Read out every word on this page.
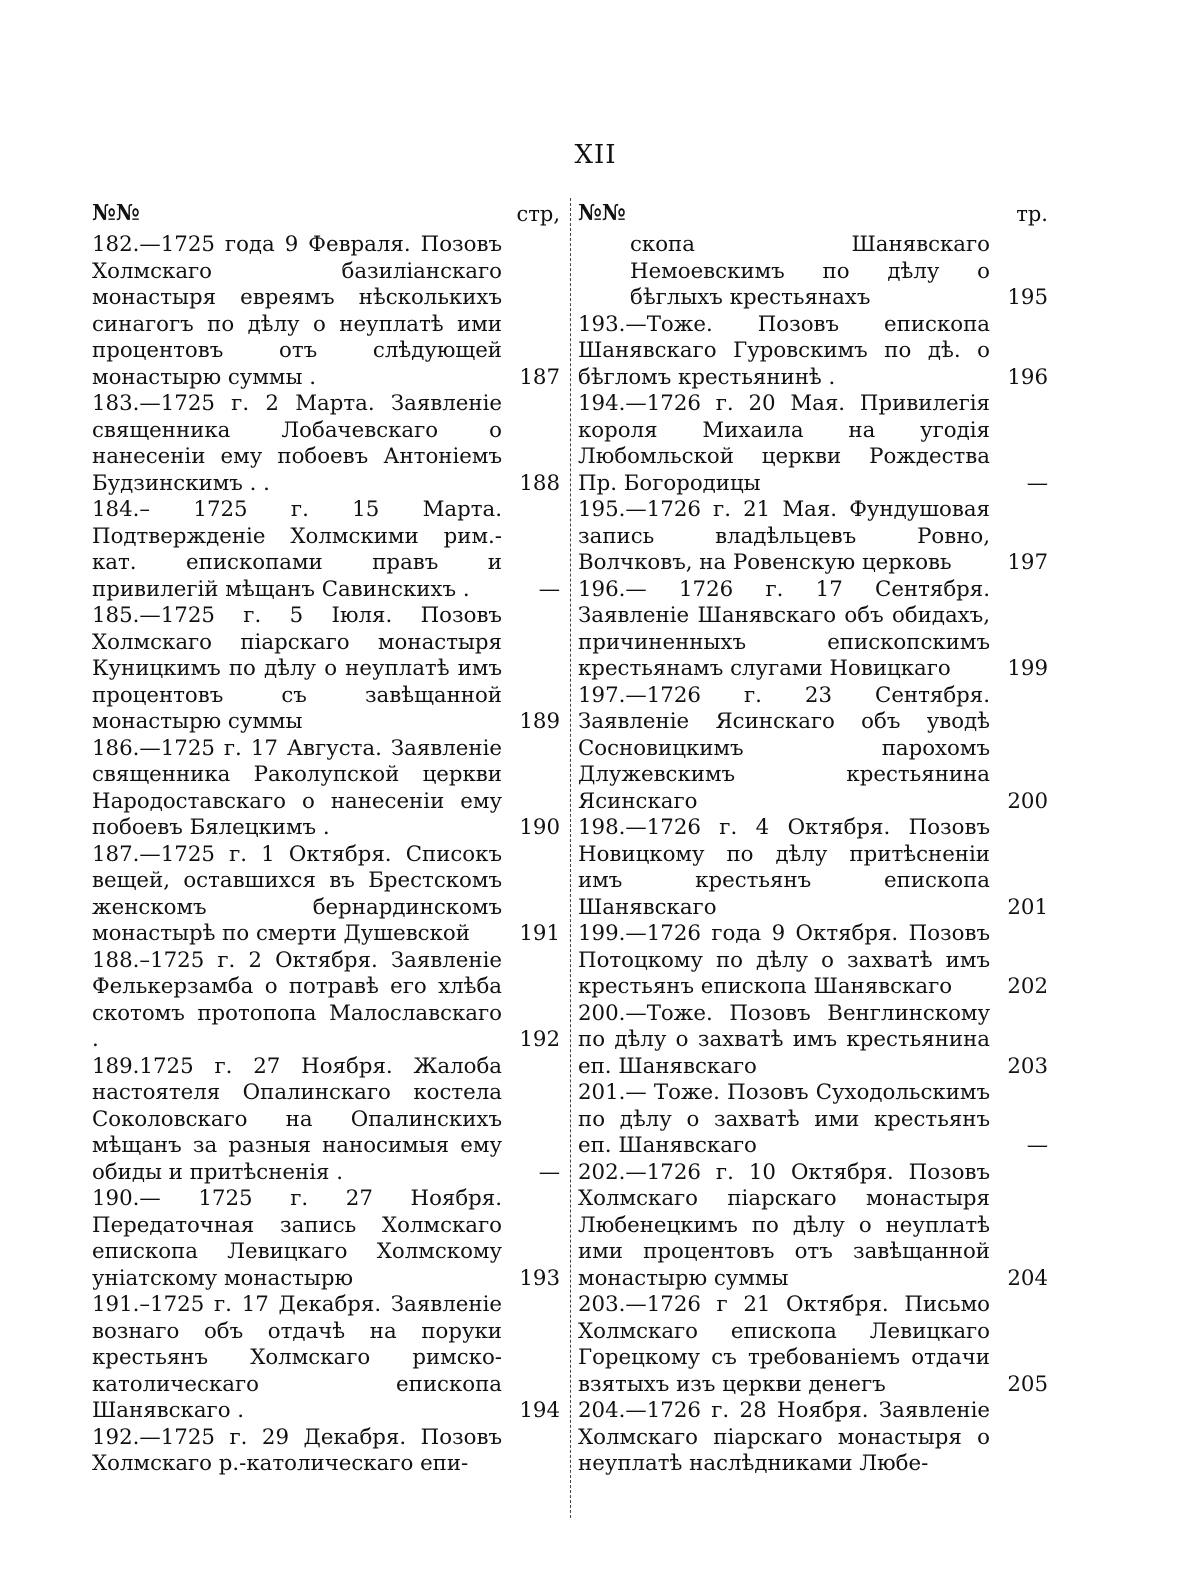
XII
№№	стр,
182.—1725 года 9 Февраля. Позовъ Холмскаго базиліанскаго монастыря евреямъ нѣсколькихъ синагогъ по дѣлу о неуплатѣ ими процентовъ отъ слѣдующей монастырю суммы .	187
183.—1725 г. 2 Марта. Заявленіе священника Лобачевскаго о нанесеніи ему побоевъ Антоніемъ Будзинскимъ . .	188
184.– 1725 г. 15 Марта. Подтвержденіе Холмскими рим.-кат. епископами правъ и привилегій мѣщанъ Савинскихъ .	—
185.—1725 г. 5 Іюля. Позовъ Холмскаго піарскаго монастыря Куницкимъ по дѣлу о неуплатѣ имъ процентовъ съ завѣщанной монастырю суммы	189
186.—1725 г. 17 Августа. Заявленіе священника Раколупской церкви Народоставскаго о нанесеніи ему побоевъ Бялецкимъ .	190
187.—1725 г. 1 Октября. Списокъ вещей, оставшихся въ Брестскомъ женскомъ бернардинскомъ монастырѣ по смерти Душевской	191
188.–1725 г. 2 Октября. Заявленіе Фелькерзамба о потравѣ его хлѣба скотомъ протопопа Малославскаго .	192
189.1725 г. 27 Ноября. Жалоба настоятеля Опалинскаго костела Соколовскаго на Опалинскихъ мѣщанъ за разныя наносимыя ему обиды и притѣсненія .	—
190.— 1725 г. 27 Ноября. Передаточная запись Холмскаго епископа Левицкаго Холмскому уніатскому монастырю	193
191.–1725 г. 17 Декабря. Заявленіе вознаго объ отдачѣ на поруки крестьянъ Холмскаго римско-католическаго епископа Шанявскаго .	194
192.—1725 г. 29 Декабря. Позовъ Холмскаго р.-католическаго епи-
№№	тр.
скопа Шанявскаго Немоевскимъ по дѣлу о бѣглыхъ крестьянахъ	195
193.—Тоже. Позовъ епископа Шанявскаго Гуровскимъ по дѣ. о бѣгломъ крестьянинѣ .	196
194.—1726 г. 20 Мая. Привилегія короля Михаила на угодія Любомльской церкви Рождества Пр. Богородицы	—
195.—1726 г. 21 Мая. Фундушовая запись владѣльцевъ Ровно, Волчковъ, на Ровенскую церковь	197
196.— 1726 г. 17 Сентября. Заявленіе Шанявскаго объ обидахъ, причиненныхъ епископскимъ крестьянамъ слугами Новицкаго	199
197.—1726 г. 23 Сентября. Заявленіе Ясинскаго объ уводѣ Сосновицкимъ парохомъ Длужевскимъ крестьянина Ясинскаго	200
198.—1726 г. 4 Октября. Позовъ Новицкому по дѣлу притѣсненіи имъ крестьянъ епископа Шанявскаго	201
199.—1726 года 9 Октября. Позовъ Потоцкому по дѣлу о захватѣ имъ крестьянъ епископа Шанявскаго	202
200.—Тоже. Позовъ Венглинскому по дѣлу о захватѣ имъ крестьянина еп. Шанявскаго	203
201.— Тоже. Позовъ Суходольскимъ по дѣлу о захватѣ ими крестьянъ еп. Шанявскаго	—
202.—1726 г. 10 Октября. Позовъ Холмскаго піарскаго монастыря Любенецкимъ по дѣлу о неуплатѣ ими процентовъ отъ завѣщанной монастырю суммы	204
203.—1726 г 21 Октября. Письмо Холмскаго епископа Левицкаго Горецкому съ требованіемъ отдачи взятыхъ изъ церкви денегъ	205
204.—1726 г. 28 Ноября. Заявленіе Холмскаго піарскаго монастыря о неуплатѣ наслѣдниками Любе-
